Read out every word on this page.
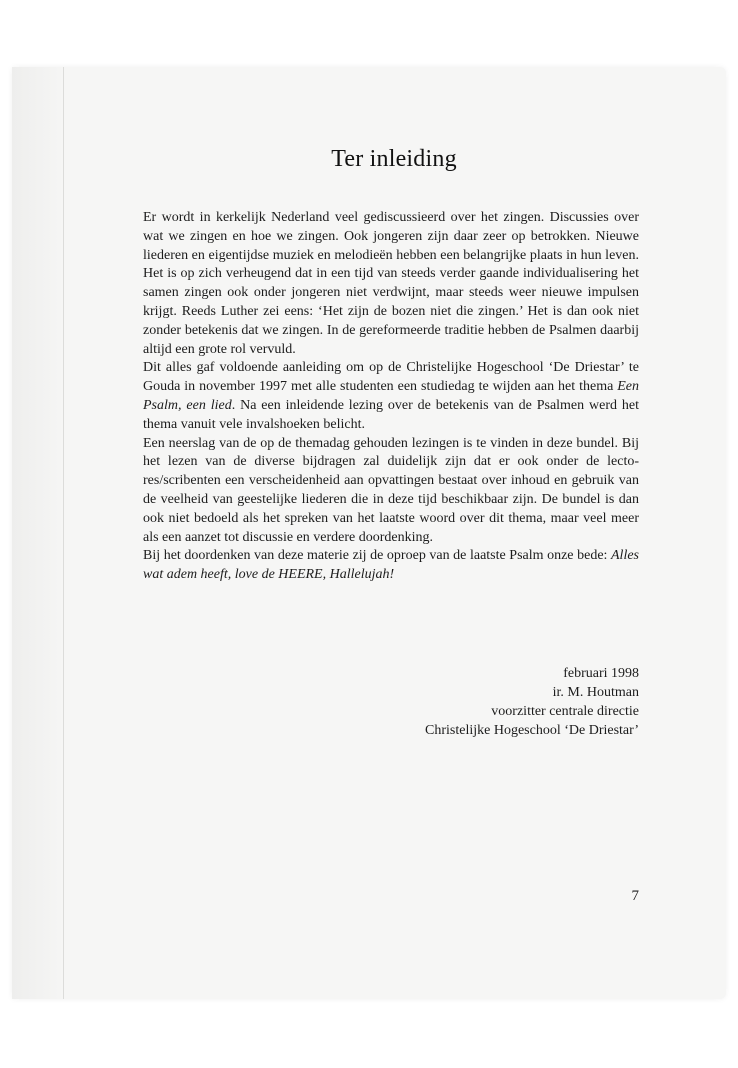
Ter inleiding

Er wordt in kerkelijk Nederland veel gediscussieerd over het zingen. Discussies over wat we zingen en hoe we zingen. Ook jongeren zijn daar zeer op betrokken. Nieuwe liederen en eigentijdse muziek en melodieën hebben een belangrijke plaats in hun leven. Het is op zich verheugend dat in een tijd van steeds verder gaande individualisering het samen zingen ook onder jongeren niet verdwijnt, maar steeds weer nieuwe impulsen krijgt. Reeds Luther zei eens: ‘Het zijn de bozen niet die zingen.’ Het is dan ook niet zonder betekenis dat we zingen. In de gereformeerde traditie hebben de Psalmen daarbij altijd een grote rol vervuld.

Dit alles gaf voldoende aanleiding om op de Christelijke Hogeschool ‘De Driestar’ te Gouda in november 1997 met alle studenten een studiedag te wijden aan het thema Een Psalm, een lied. Na een inleidende lezing over de betekenis van de Psalmen werd het thema vanuit vele invalshoeken belicht.

Een neerslag van de op de themadag gehouden lezingen is te vinden in deze bundel. Bij het lezen van de diverse bijdragen zal duidelijk zijn dat er ook onder de lectores/scribenten een verscheidenheid aan opvattingen bestaat over inhoud en gebruik van de veelheid van geestelijke liederen die in deze tijd beschikbaar zijn. De bundel is dan ook niet bedoeld als het spreken van het laatste woord over dit thema, maar veel meer als een aanzet tot discussie en verdere doordenking.

Bij het doordenken van deze materie zij de oproep van de laatste Psalm onze bede: Alles wat adem heeft, love de HEERE, Hallelujah!

februari 1998
ir. M. Houtman
voorzitter centrale directie
Christelijke Hogeschool ‘De Driestar’
7
